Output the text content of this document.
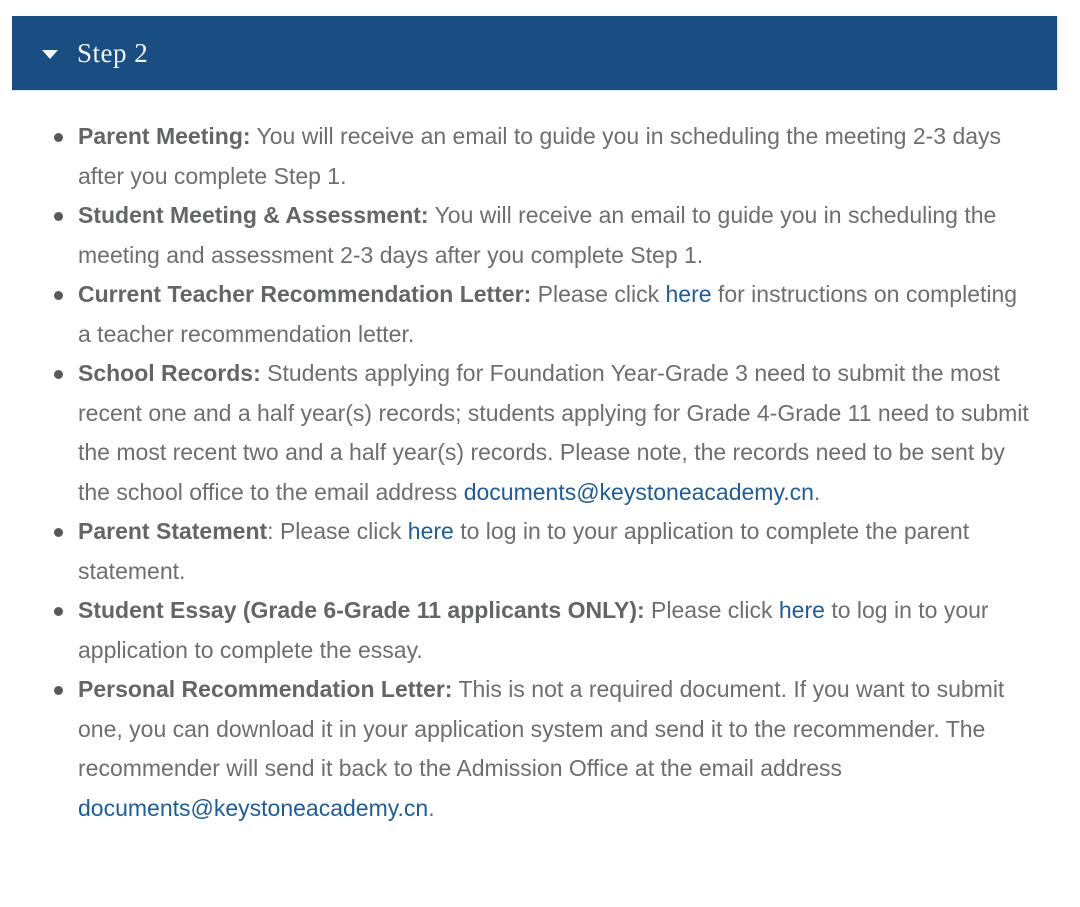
Step 2
Parent Meeting: You will receive an email to guide you in scheduling the meeting 2-3 days after you complete Step 1.
Student Meeting & Assessment: You will receive an email to guide you in scheduling the meeting and assessment 2-3 days after you complete Step 1.
Current Teacher Recommendation Letter: Please click here for instructions on completing a teacher recommendation letter.
School Records: Students applying for Foundation Year-Grade 3 need to submit the most recent one and a half year(s) records; students applying for Grade 4-Grade 11 need to submit the most recent two and a half year(s) records. Please note, the records need to be sent by the school office to the email address documents@keystoneacademy.cn.
Parent Statement: Please click here to log in to your application to complete the parent statement.
Student Essay (Grade 6-Grade 11 applicants ONLY): Please click here to log in to your application to complete the essay.
Personal Recommendation Letter: This is not a required document. If you want to submit one, you can download it in your application system and send it to the recommender. The recommender will send it back to the Admission Office at the email address documents@keystoneacademy.cn.
